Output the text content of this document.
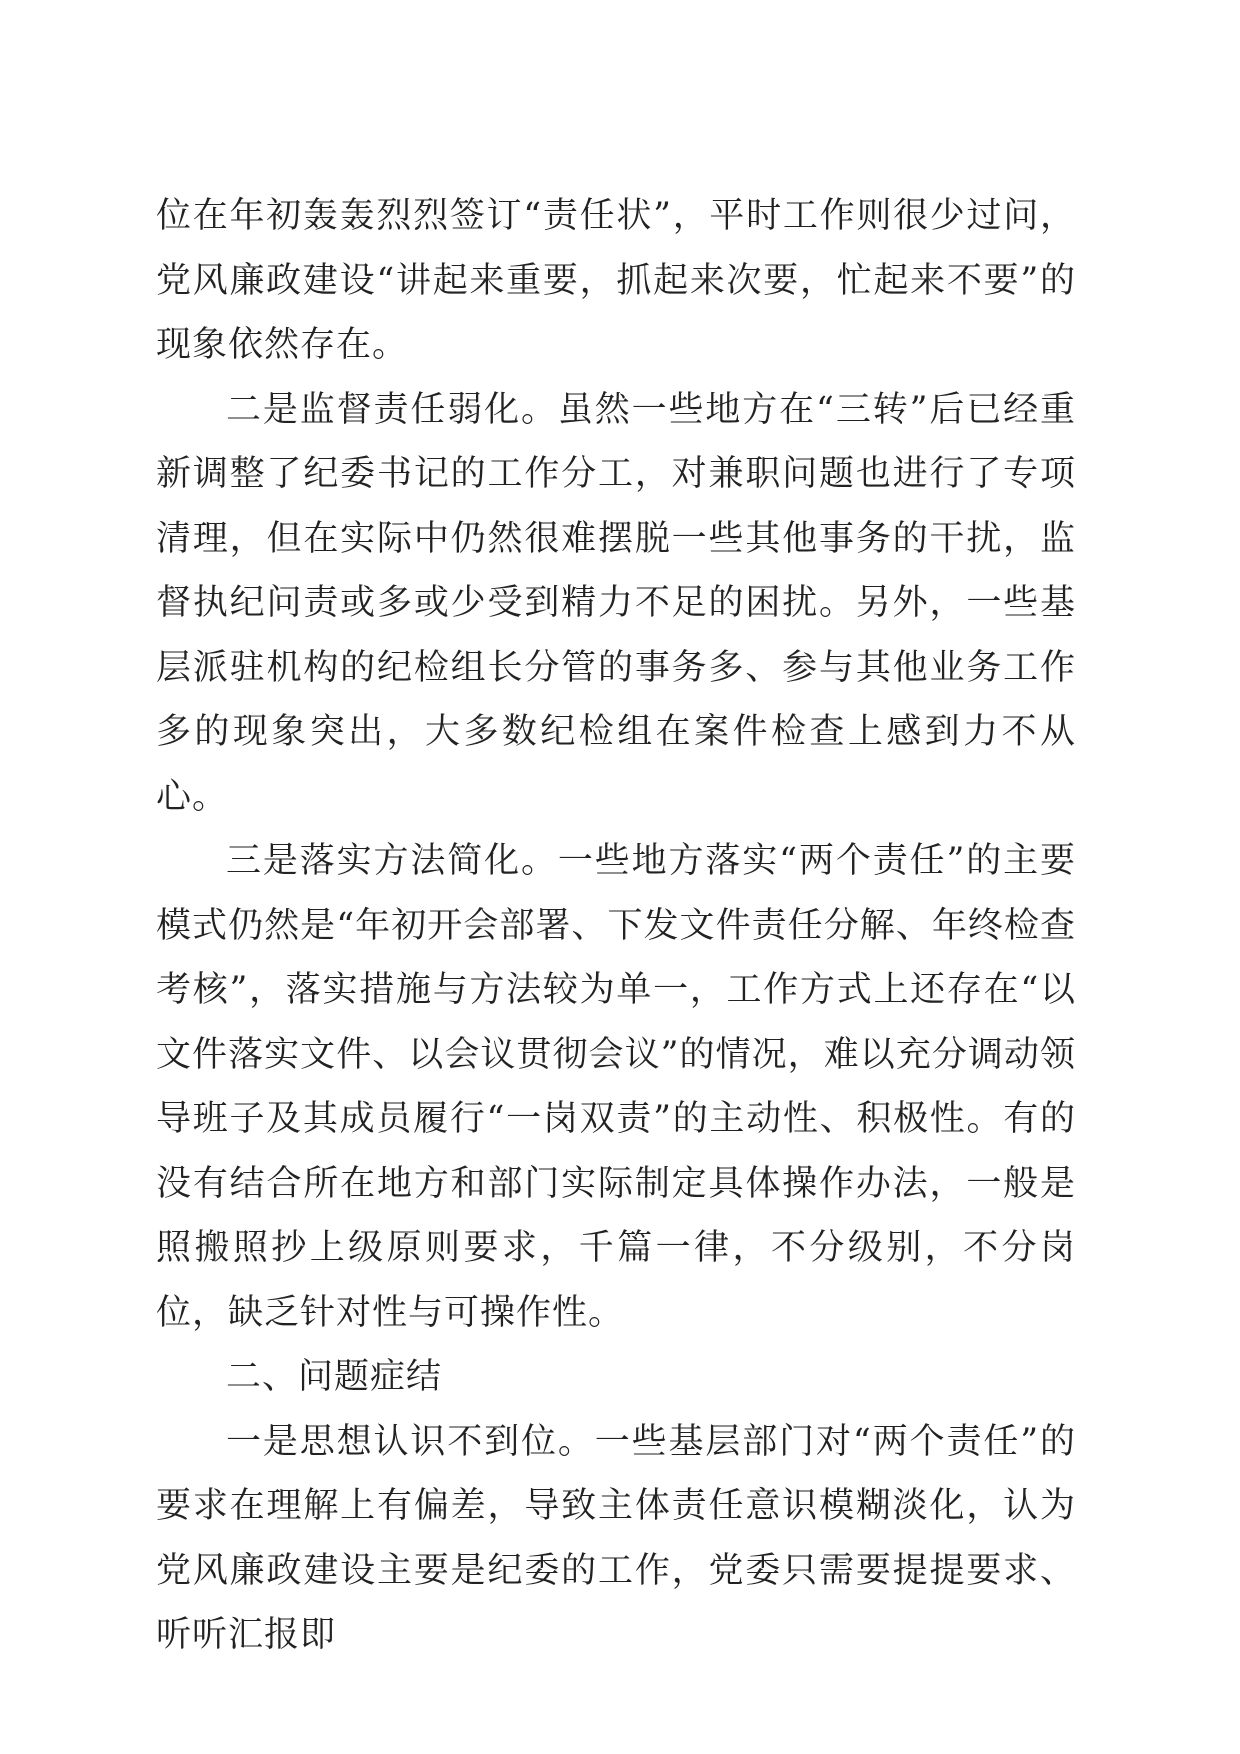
位在年初轰轰烈烈签订“责任状”，平时工作则很少过问，党风廉政建设“讲起来重要，抓起来次要，忙起来不要”的现象依然存在。

二是监督责任弱化。虽然一些地方在“三转”后已经重新调整了纪委书记的工作分工，对兼职问题也进行了专项清理，但在实际中仍然很难摆脱一些其他事务的干扰，监督执纪问责或多或少受到精力不足的困扰。另外，一些基层派驻机构的纪检组长分管的事务多、参与其他业务工作多的现象突出，大多数纪检组在案件检查上感到力不从心。

三是落实方法简化。一些地方落实“两个责任”的主要模式仍然是“年初开会部署、下发文件责任分解、年终检查考核”，落实措施与方法较为单一，工作方式上还存在“以文件落实文件、以会议贯彻会议”的情况，难以充分调动领导班子及其成员履行“一岗双责”的主动性、积极性。有的没有结合所在地方和部门实际制定具体操作办法，一般是照搬照抄上级原则要求，千篇一律，不分级别，不分岗位，缺乏针对性与可操作性。

二、问题症结

一是思想认识不到位。一些基层部门对“两个责任”的要求在理解上有偏差，导致主体责任意识模糊淡化，认为党风廉政建设主要是纪委的工作，党委只需要提提要求、听听汇报即
